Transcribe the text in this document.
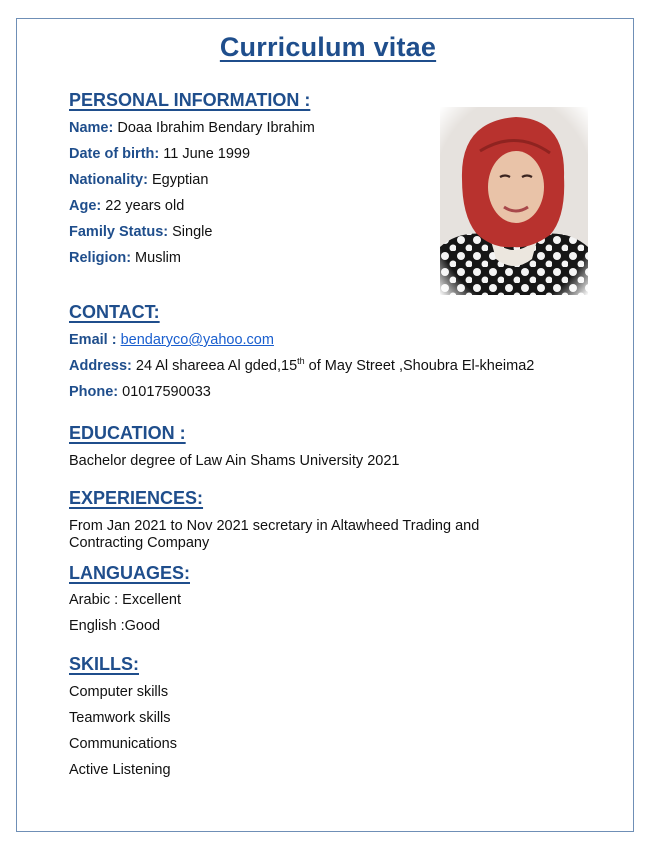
Curriculum vitae
PERSONAL INFORMATION :
Name: Doaa Ibrahim Bendary Ibrahim
Date of birth: 11 June 1999
Nationality: Egyptian
Age: 22 years old
Family Status: Single
Religion: Muslim
CONTACT:
Email : bendaryco@yahoo.com
Address: 24 Al shareea Al gded,15th of May Street ,Shoubra El-kheima2
Phone: 01017590033
EDUCATION :
Bachelor degree of Law Ain Shams University 2021
EXPERIENCES:
From Jan 2021 to Nov 2021 secretary in Altawheed Trading and Contracting Company
LANGUAGES:
Arabic : Excellent
English :Good
SKILLS:
Computer skills
Teamwork skills
Communications
Active Listening
